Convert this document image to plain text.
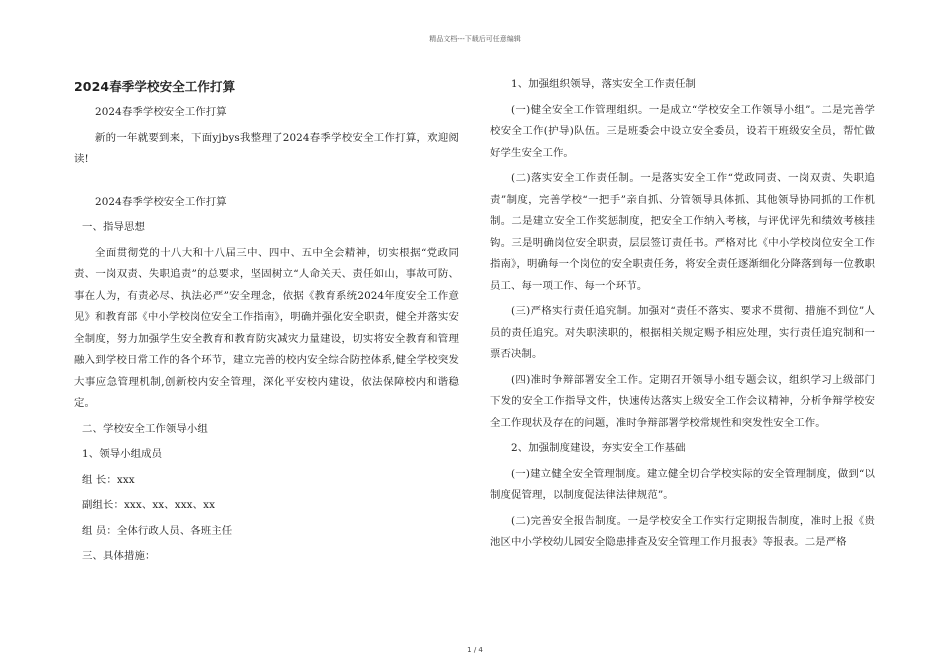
精品文档---下载后可任意编辑
2024春季学校安全工作打算

2024春季学校安全工作打算

新的一年就要到来，下面yjbys我整理了2024春季学校安全工作打算，欢迎阅读!

2024春季学校安全工作打算

一、指导思想

全面贯彻党的十八大和十八届三中、四中、五中全会精神，切实根据“党政同责、一岗双责、失职追责”的总要求，坚固树立“人命关天、责任如山，事故可防、事在人为，有责必尽、执法必严”安全理念，依据《教育系统2024年度安全工作意见》和教育部《中小学校岗位安全工作指南》，明确并强化安全职责，健全并落实安全制度，努力加强学生安全教育和教育防灾减灾力量建设，切实将安全教育和管理融入到学校日常工作的各个环节，建立完善的校内安全综合防控体系,健全学校突发大事应急管理机制,创新校内安全管理，深化平安校内建设，依法保障校内和谐稳定。

二、学校安全工作领导小组

1、领导小组成员

组 长：xxx

副组长：xxx、xx、xxx、xx

组 员：全体行政人员、各班主任

三、具体措施：

1、加强组织领导，落实安全工作责任制

(一)健全安全工作管理组织。一是成立“学校安全工作领导小组”。二是完善学校安全工作(护导)队伍。三是班委会中设立安全委员，设若干班级安全员，帮忙做好学生安全工作。

(二)落实安全工作责任制。一是落实安全工作“党政同责、一岗双责、失职追责”制度，完善学校“一把手”亲自抓、分管领导具体抓、其他领导协同抓的工作机制。二是建立安全工作奖惩制度，把安全工作纳入考核，与评优评先和绩效考核挂钩。三是明确岗位安全职责，层层签订责任书。严格对比《中小学校岗位安全工作指南》，明确每一个岗位的安全职责任务，将安全责任逐渐细化分降落到每一位教职员工、每一项工作、每一个环节。

(三)严格实行责任追究制。加强对“责任不落实、要求不贯彻、措施不到位”人员的责任追究。对失职渎职的，根据相关规定赐予相应处理，实行责任追究制和一票否决制。

(四)准时争辩部署安全工作。定期召开领导小组专题会议，组织学习上级部门下发的安全工作指导文件，快速传达落实上级安全工作会议精神，分析争辩学校安全工作现状及存在的问题，准时争辩部署学校常规性和突发性安全工作。

2、加强制度建设，夯实安全工作基础

(一)建立健全安全管理制度。建立健全切合学校实际的安全管理制度，做到“以制度促管理，以制度促法律法律规范”。

(二)完善安全报告制度。一是学校安全工作实行定期报告制度，准时上报《贵池区中小学校幼儿园安全隐患排查及安全管理工作月报表》等报表。二是严格

1 / 4
